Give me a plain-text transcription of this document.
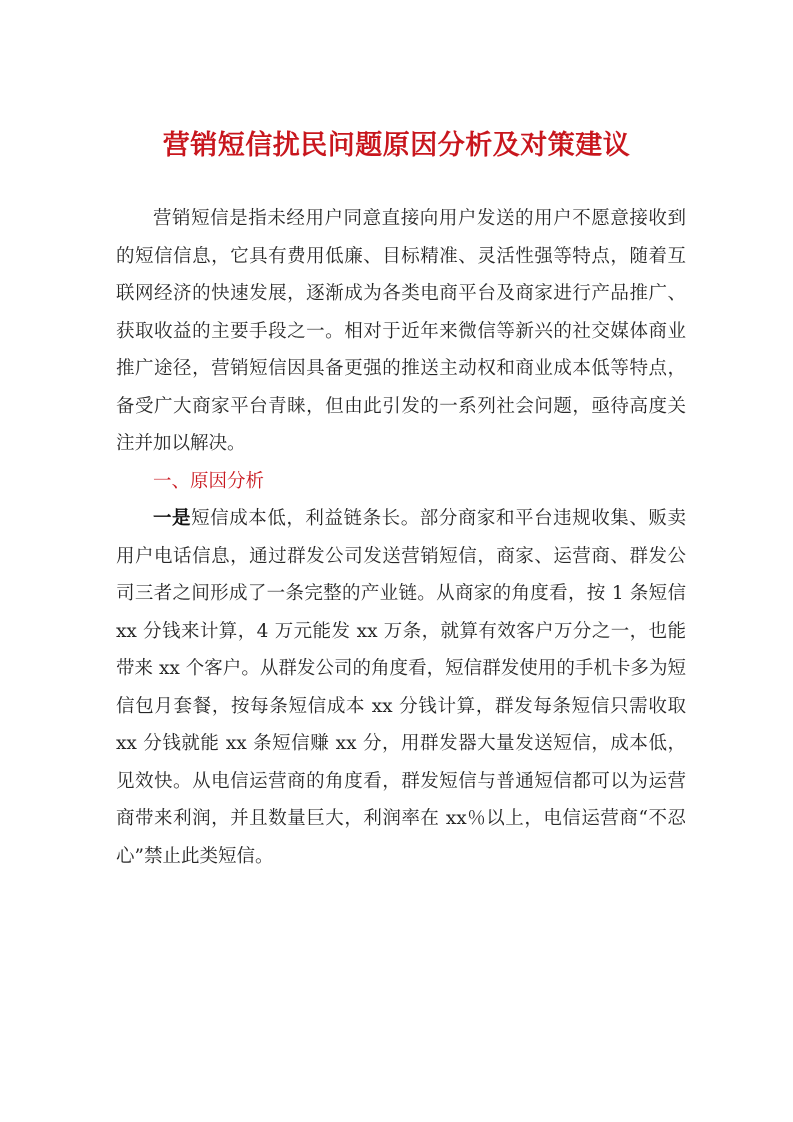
营销短信扰民问题原因分析及对策建议

营销短信是指未经用户同意直接向用户发送的用户不愿意接收到的短信信息，它具有费用低廉、目标精准、灵活性强等特点，随着互联网经济的快速发展，逐渐成为各类电商平台及商家进行产品推广、获取收益的主要手段之一。相对于近年来微信等新兴的社交媒体商业推广途径，营销短信因具备更强的推送主动权和商业成本低等特点，备受广大商家平台青睐，但由此引发的一系列社会问题，亟待高度关注并加以解决。

一、原因分析

一是短信成本低，利益链条长。部分商家和平台违规收集、贩卖用户电话信息，通过群发公司发送营销短信，商家、运营商、群发公司三者之间形成了一条完整的产业链。从商家的角度看，按 1 条短信 xx 分钱来计算，4 万元能发 xx 万条，就算有效客户万分之一，也能带来 xx 个客户。从群发公司的角度看，短信群发使用的手机卡多为短信包月套餐，按每条短信成本 xx 分钱计算，群发每条短信只需收取 xx 分钱就能 xx 条短信赚 xx 分，用群发器大量发送短信，成本低，见效快。从电信运营商的角度看，群发短信与普通短信都可以为运营商带来利润，并且数量巨大，利润率在 xx％以上，电信运营商“不忍心”禁止此类短信。
